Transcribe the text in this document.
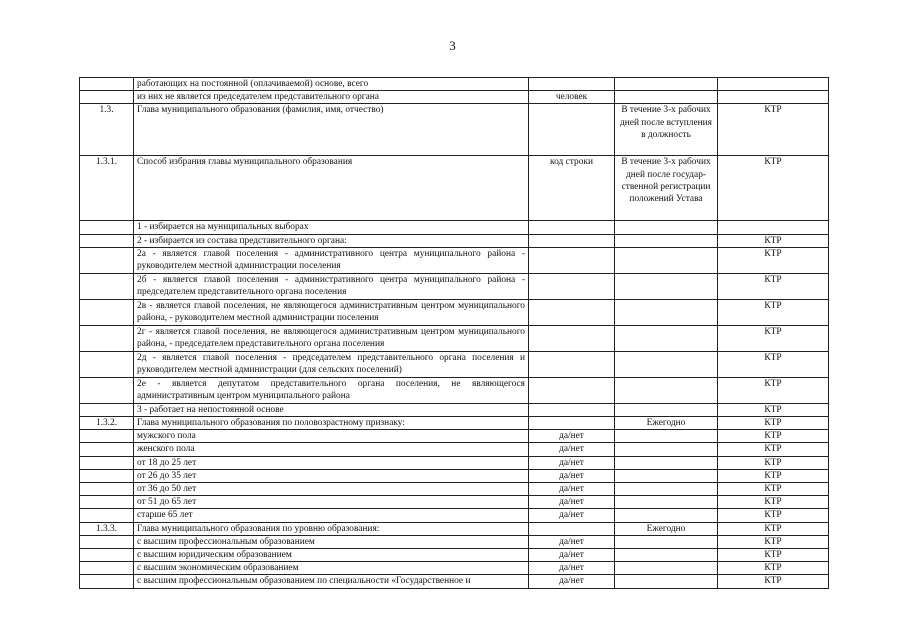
3
	работающих на постоянной (оплачиваемой) основе, всего			
	из них не является председателем представительного органа	человек		
1.3.	Глава муниципального образования (фамилия, имя, отчество)		В течение 3-х рабочих дней после вступления в должность	КТР
1.3.1.	Способ избрания главы муниципального образования	код строки	В течение 3-х рабочих дней после государ-ственной регистрации положений Устава	КТР
	1 - избирается на муниципальных выборах			
	2 - избирается из состава представительного органа:			КТР
	2а - является главой поселения - административного центра муниципального района - руководителем местной администрации поселения			КТР
	2б - является главой поселения - административного центра муниципального района - председателем представительного органа поселения			КТР
	2в - является главой поселения, не являющегося административным центром муниципального района, - руководителем местной администрации поселения			КТР
	2г - является главой поселения, не являющегося административным центром муниципального района, - председателем представительного органа поселения			КТР
	2д - является главой поселения - председателем представительного органа поселения и руководителем местной администрации (для сельских поселений)			КТР
	2е - является депутатом представительного органа поселения, не являющегося административным центром муниципального района			КТР
	3 - работает на непостоянной основе			КТР
1.3.2.	Глава муниципального образования по половозрастному признаку:		Ежегодно	КТР
	мужского пола	да/нет		КТР
	женского пола	да/нет		КТР
	от 18 до 25 лет	да/нет		КТР
	от 26 до 35 лет	да/нет		КТР
	от 36 до 50 лет	да/нет		КТР
	от 51 до 65 лет	да/нет		КТР
	старше 65 лет	да/нет		КТР
1.3.3.	Глава муниципального образования по уровню образования:		Ежегодно	КТР
	с высшим профессиональным образованием	да/нет		КТР
	с высшим юридическим образованием	да/нет		КТР
	с высшим экономическим образованием	да/нет		КТР
	с высшим профессиональным образованием по специальности «Государственное и	да/нет		КТР
